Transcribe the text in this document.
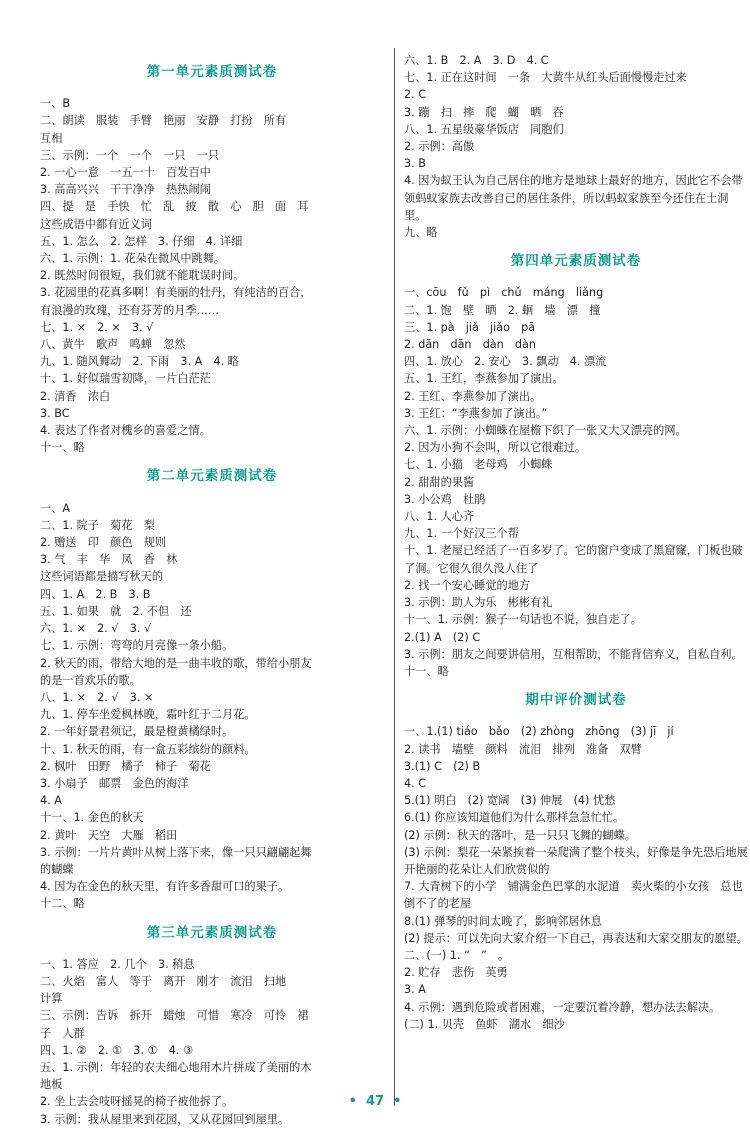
第一单元素质测试卷
一、B
二、朗读　服装　手臂　艳丽　安静　打扮　所有
互相
三、示例：一个　一个　一只　一只
2. 一心一意　一五一十　百发百中
3. 高高兴兴　干干净净　热热闹闹
四、提　是　手快　忙　乱　披　散　心　胆　面　耳
这些成语中都有近义词
五、1. 怎么　2. 怎样　3. 仔细　4. 详细
六、1. 示例：1. 花朵在微风中跳舞。
2. 既然时间很短，我们就不能耽误时间。
3. 花园里的花真多啊！有美丽的牡丹，有纯洁的百合，
有浪漫的玫瑰，还有芬芳的月季……
七、1. ×　2. ×　3. √
八、黄牛　歌声　鸣蝉　忽然
九、1. 随风舞动　2. 下雨　3. A　4. 略
十、1. 好似瑞雪初降，一片白茫茫
2. 清香　浓白
3. BC
4. 表达了作者对槐乡的喜爱之情。
十一、略
第二单元素质测试卷
一、A
二、1. 院子　菊花　梨
2. 赠送　印　颜色　规则
3. 气　丰　华　凤　香　林
这些词语都是描写秋天的
四、1. A　2. B　3. B
五、1. 如果　就　2. 不但　还
六、1. ×　2. √　3. √
七、1. 示例：弯弯的月亮像一条小船。
2. 秋天的雨，带给大地的是一曲丰收的歌，带给小朋友
的是一首欢乐的歌。
八、1. ×　2. √　3. ×
九、1. 停车坐爱枫林晚，霜叶红于二月花。
2. 一年好景君须记，最是橙黄橘绿时。
十、1. 秋天的雨，有一盒五彩缤纷的颜料。
2. 枫叶　田野　橘子　柿子　菊花
3. 小扇子　邮票　金色的海洋
4. A
十一、1. 金色的秋天
2. 黄叶　天空　大雁　稻田
3. 示例：一片片黄叶从树上落下来，像一只只翩翩起舞
的蝴蝶
4. 因为在金色的秋天里，有许多香甜可口的果子。
十二、略
第三单元素质测试卷
一、1. 答应　2. 几个　3. 稍息
二、火焰　富人　等于　离开　刚才　流泪　扫地
计算
三、示例：告诉　拆开　蜡烛　可惜　寒冷　可怜　裙
子　人群
四、1. ②　2. ①　3. ①　4. ③
五、1. 示例：年轻的农夫细心地用木片拼成了美丽的木
地板
2. 坐上去会吱呀摇晃的椅子被他拆了。
3. 示例：我从屋里来到花园，又从花园回到屋里。
六、1. B　2. A　3. D　4. C
七、1. 正在这时间　一条　大黄牛从红头后面慢慢走过来
2. C
3. 蹦　扫　摔　爬　蝴　晒　吞
八、1. 五星级豪华饭店　同胞们
2. 示例：高傲
3. B
4. 因为蚁王认为自己居住的地方是地球上最好的地方，因此它不会带领蚂蚁家族去改善自己的居住条件，所以蚂蚁家族至今还住在土洞里。
九、略
第四单元素质测试卷
一、cōu　fǔ　pì　chǔ　máng　liǎng
二、1. 饱　壁　晒　2. 蛔　墙　漂　撞
三、1. pà　jiǎ　jiǎo　pā
2. dān　dān　dàn　dàn
四、1. 放心　2. 安心　3. 飘动　4. 漂流
五、1. 王红，李燕参加了演出。
2. 王红、李燕参加了演出。
3. 王红：“李燕参加了演出。”
六、1. 示例：小蜘蛛在屋檐下织了一张又大又漂亮的网。
2. 因为小狗不会叫，所以它很难过。
七、1. 小猫　老母鸡　小蜘蛛
2. 甜甜的果酱
3. 小公鸡　杜鹃
八、1. 人心齐
九、1. 一个好汉三个帮
十、1. 老屋已经活了一百多岁了。它的窗户变成了黑窟窿，门板也破了洞。它很久很久没人住了
2. 找一个安心睡觉的地方
3. 示例：助人为乐　彬彬有礼
十一、1. 示例：猴子一句话也不说，独自走了。
2.(1) A　(2) C
3. 示例：朋友之间要讲信用，互相帮助，不能背信弃义，自私自利。
十一、略
期中评价测试卷
一、1.(1) tiáo　bǎo　(2) zhòng　zhōng　(3) jī　jí
2. 读书　墙壁　颜料　流泪　排列　准备　双臂
3.(1) C　(2) B
4. C
5.(1) 明白　(2) 宽阔　(3) 伸展　(4) 忧愁
6.(1) 你应该知道他们为什么那样急急忙忙。
(2) 示例：秋天的落叶，是一只只飞舞的蝴蝶。
(3) 示例：梨花一朵紧挨着一朵爬满了整个枝头，好像是争先恐后地展开艳丽的花朵让人们欣赏似的
7. 大青树下的小学　铺满金色巴掌的水泥道　卖火柴的小女孩　总也倒不了的老屋
8.(1) 弹琴的时间太晚了，影响邻居休息
(2) 提示：可以先向大家介绍一下自己，再表达和大家交朋友的愿望。
二、(一) 1. “　”　。
2. 贮存　悲伤　英勇
3. A
4. 示例：遇到危险或者困难，一定要沉着冷静，想办法去解决。
(二) 1. 贝壳　鱼虾　湖水　细沙
•  47  •
